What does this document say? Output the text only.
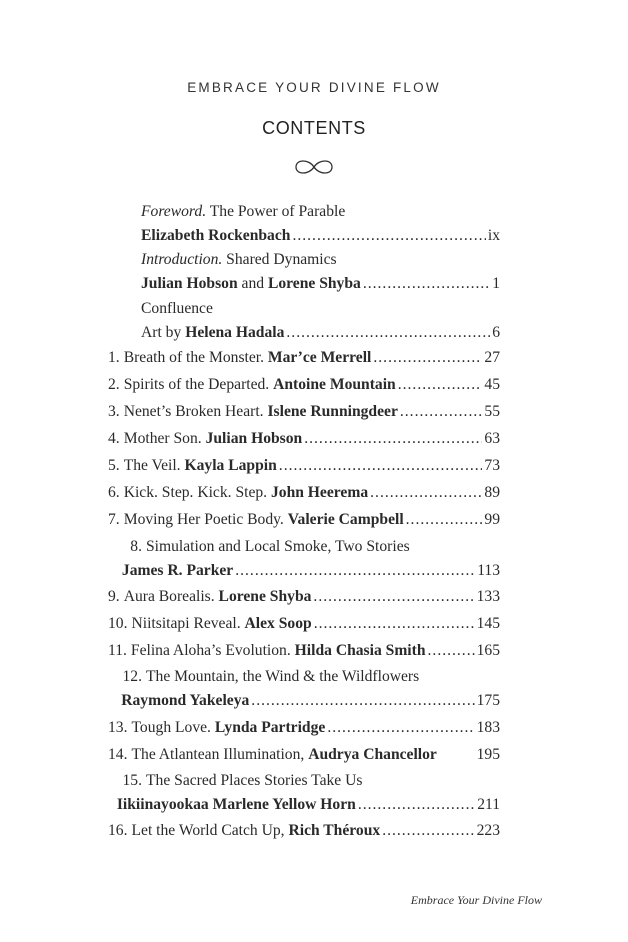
EMBRACE YOUR DIVINE FLOW
CONTENTS
Foreword. The Power of Parable
Elizabeth Rockenbach .....	ix
Introduction. Shared Dynamics
Julian Hobson and Lorene Shyba .....	1
Confluence
Art by Helena Hadala .....	6
1. Breath of the Monster. Mar’ce Merrell .....	27
2. Spirits of the Departed. Antoine Mountain .....	45
3. Nenet’s Broken Heart. Islene Runningdeer .....	55
4. Mother Son. Julian Hobson .....	63
5. The Veil. Kayla Lappin .....	73
6. Kick. Step. Kick. Step. John Heerema .....	89
7. Moving Her Poetic Body. Valerie Campbell .....	99
8. Simulation and Local Smoke, Two Stories
James R. Parker .....	113
9. Aura Borealis. Lorene Shyba .....	133
10. Niitsitapi Reveal. Alex Soop .....	145
11. Felina Aloha’s Evolution. Hilda Chasia Smith .....	165
12. The Mountain, the Wind & the Wildflowers
Raymond Yakeleya .....	175
13. Tough Love. Lynda Partridge .....	183
14. The Atlantean Illumination, Audrya Chancellor	195
15. The Sacred Places Stories Take Us
Iikiinayookaa Marlene Yellow Horn .....	211
16. Let the World Catch Up, Rich Théroux .....	223
Embrace Your Divine Flow
